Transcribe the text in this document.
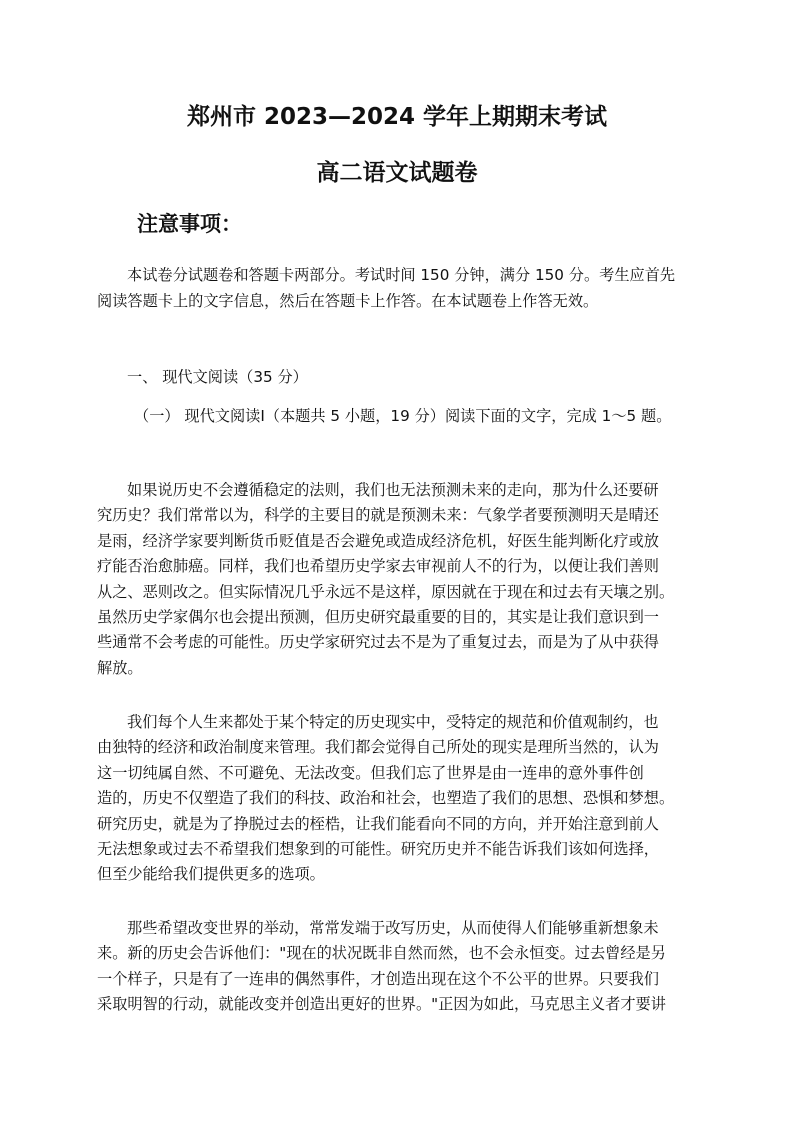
郑州市 2023—2024 学年上期期末考试
高二语文试题卷
注意事项：
本试卷分试题卷和答题卡两部分。考试时间 150 分钟，满分 150 分。考生应首先
阅读答题卡上的文字信息，然后在答题卡上作答。在本试题卷上作答无效。
一、 现代文阅读（35 分）
（一） 现代文阅读Ⅰ（本题共 5 小题，19 分）阅读下面的文字，完成 1～5 题。
如果说历史不会遵循稳定的法则，我们也无法预测未来的走向，那为什么还要研
究历史？我们常常以为，科学的主要目的就是预测未来：气象学者要预测明天是晴还
是雨，经济学家要判断货币贬值是否会避免或造成经济危机，好医生能判断化疗或放
疗能否治愈肺癌。同样，我们也希望历史学家去审视前人不的行为，以便让我们善则
从之、恶则改之。但实际情况几乎永远不是这样，原因就在于现在和过去有天壤之别。
虽然历史学家偶尔也会提出预测，但历史研究最重要的目的，其实是让我们意识到一
些通常不会考虑的可能性。历史学家研究过去不是为了重复过去，而是为了从中获得
解放。
我们每个人生来都处于某个特定的历史现实中，受特定的规范和价值观制约，也
由独特的经济和政治制度来管理。我们都会觉得自己所处的现实是理所当然的，认为
这一切纯属自然、不可避免、无法改变。但我们忘了世界是由一连串的意外事件创
造的，历史不仅塑造了我们的科技、政治和社会，也塑造了我们的思想、恐惧和梦想。
研究历史，就是为了挣脱过去的桎梏，让我们能看向不同的方向，并开始注意到前人
无法想象或过去不希望我们想象到的可能性。研究历史并不能告诉我们该如何选择，
但至少能给我们提供更多的选项。
那些希望改变世界的举动，常常发端于改写历史，从而使得人们能够重新想象未
来。新的历史会告诉他们："现在的状况既非自然而然，也不会永恒变。过去曾经是另
一个样子，只是有了一连串的偶然事件，才创造出现在这个不公平的世界。只要我们
采取明智的行动，就能改变并创造出更好的世界。"正因为如此，马克思主义者才要讲
